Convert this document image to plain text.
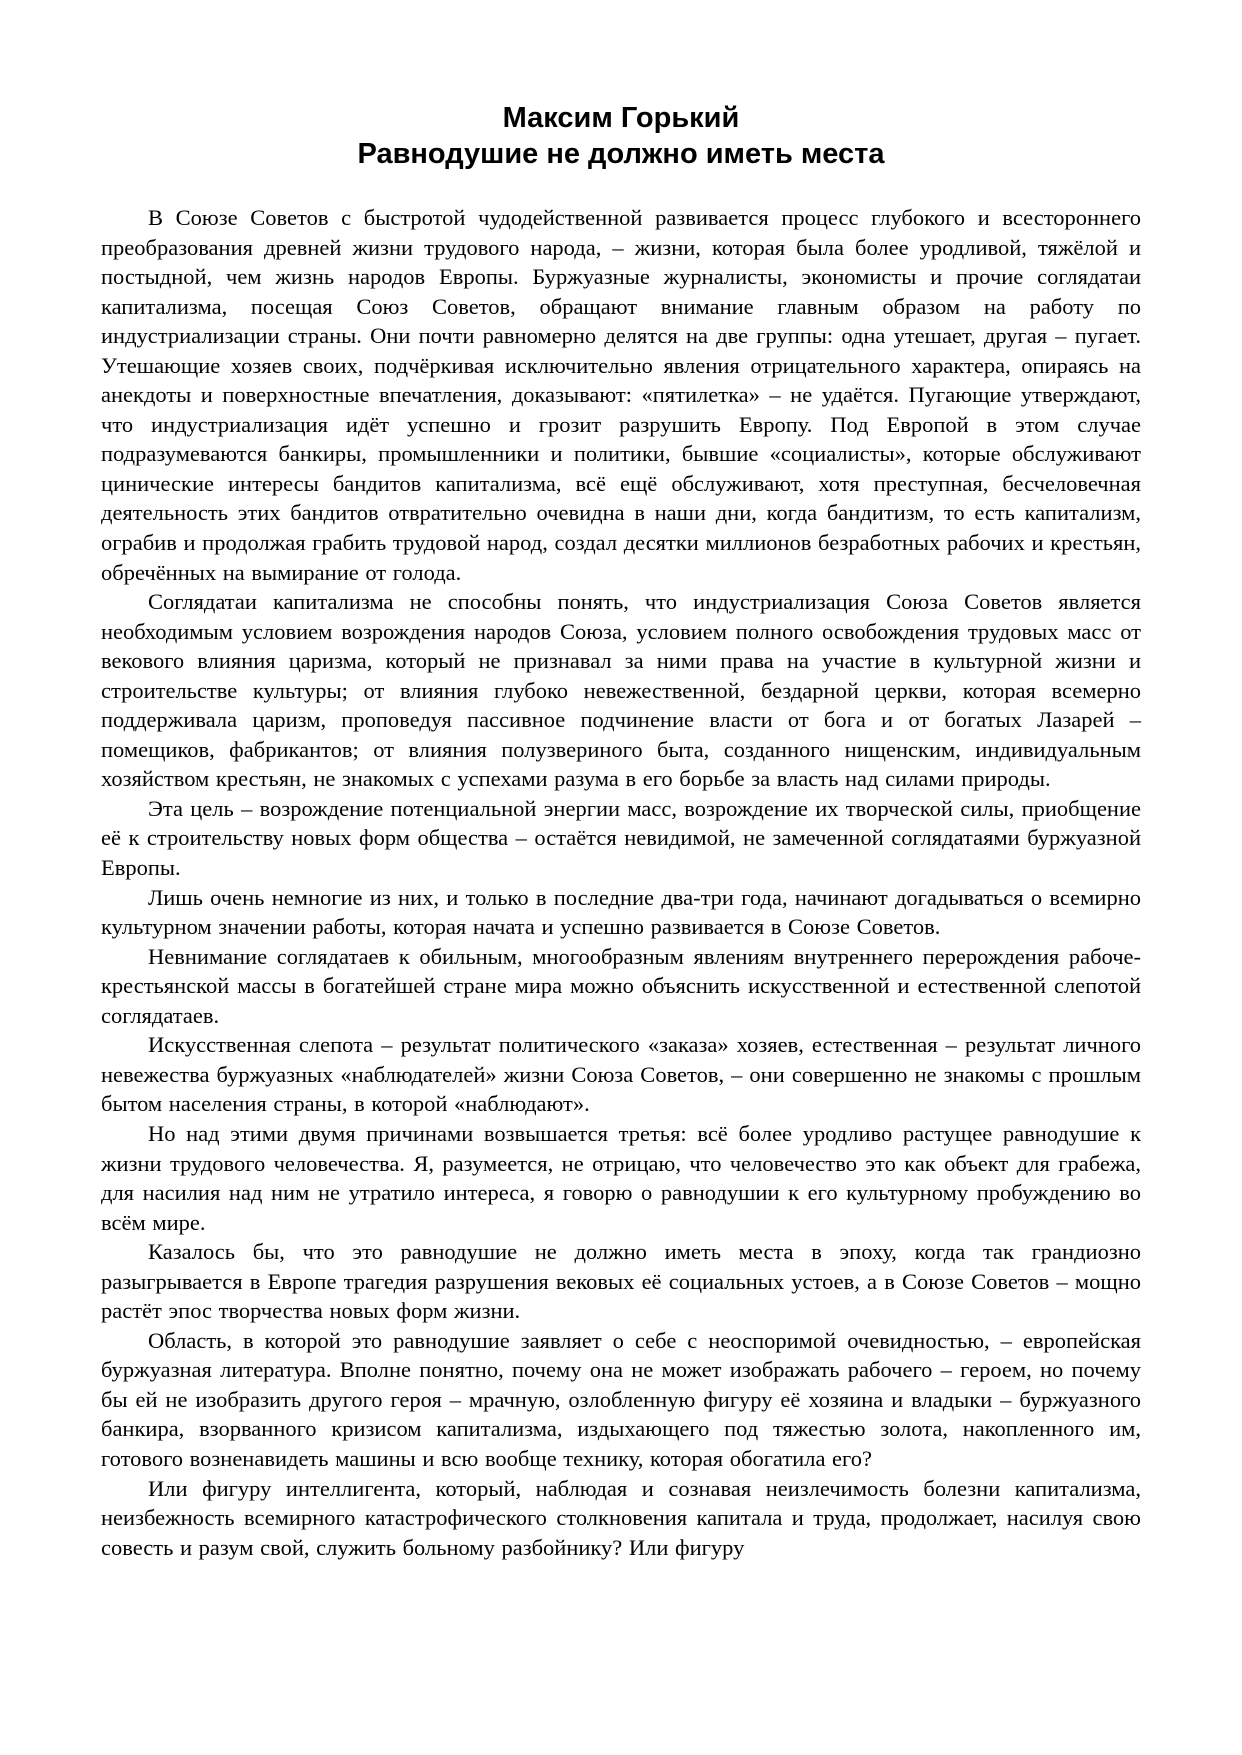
Максим Горький
Равнодушие не должно иметь места

В Союзе Советов с быстротой чудодейственной развивается процесс глубокого и всестороннего преобразования древней жизни трудового народа, – жизни, которая была более уродливой, тяжёлой и постыдной, чем жизнь народов Европы. Буржуазные журналисты, экономисты и прочие соглядатаи капитализма, посещая Союз Советов, обращают внимание главным образом на работу по индустриализации страны. Они почти равномерно делятся на две группы: одна утешает, другая – пугает. Утешающие хозяев своих, подчёркивая исключительно явления отрицательного характера, опираясь на анекдоты и поверхностные впечатления, доказывают: «пятилетка» – не удаётся. Пугающие утверждают, что индустриализация идёт успешно и грозит разрушить Европу. Под Европой в этом случае подразумеваются банкиры, промышленники и политики, бывшие «социалисты», которые обслуживают цинические интересы бандитов капитализма, всё ещё обслуживают, хотя преступная, бесчеловечная деятельность этих бандитов отвратительно очевидна в наши дни, когда бандитизм, то есть капитализм, ограбив и продолжая грабить трудовой народ, создал десятки миллионов безработных рабочих и крестьян, обречённых на вымирание от голода.

Соглядатаи капитализма не способны понять, что индустриализация Союза Советов является необходимым условием возрождения народов Союза, условием полного освобождения трудовых масс от векового влияния царизма, который не признавал за ними права на участие в культурной жизни и строительстве культуры; от влияния глубоко невежественной, бездарной церкви, которая всемерно поддерживала царизм, проповедуя пассивное подчинение власти от бога и от богатых Лазарей – помещиков, фабрикантов; от влияния полузвериного быта, созданного нищенским, индивидуальным хозяйством крестьян, не знакомых с успехами разума в его борьбе за власть над силами природы.

Эта цель – возрождение потенциальной энергии масс, возрождение их творческой силы, приобщение её к строительству новых форм общества – остаётся невидимой, не замеченной соглядатаями буржуазной Европы.

Лишь очень немногие из них, и только в последние два-три года, начинают догадываться о всемирно культурном значении работы, которая начата и успешно развивается в Союзе Советов.

Невнимание соглядатаев к обильным, многообразным явлениям внутреннего перерождения рабоче-крестьянской массы в богатейшей стране мира можно объяснить искусственной и естественной слепотой соглядатаев.

Искусственная слепота – результат политического «заказа» хозяев, естественная – результат личного невежества буржуазных «наблюдателей» жизни Союза Советов, – они совершенно не знакомы с прошлым бытом населения страны, в которой «наблюдают».

Но над этими двумя причинами возвышается третья: всё более уродливо растущее равнодушие к жизни трудового человечества. Я, разумеется, не отрицаю, что человечество это как объект для грабежа, для насилия над ним не утратило интереса, я говорю о равнодушии к его культурному пробуждению во всём мире.

Казалось бы, что это равнодушие не должно иметь места в эпоху, когда так грандиозно разыгрывается в Европе трагедия разрушения вековых её социальных устоев, а в Союзе Советов – мощно растёт эпос творчества новых форм жизни.

Область, в которой это равнодушие заявляет о себе с неоспоримой очевидностью, – европейская буржуазная литература. Вполне понятно, почему она не может изображать рабочего – героем, но почему бы ей не изобразить другого героя – мрачную, озлобленную фигуру её хозяина и владыки – буржуазного банкира, взорванного кризисом капитализма, издыхающего под тяжестью золота, накопленного им, готового возненавидеть машины и всю вообще технику, которая обогатила его?

Или фигуру интеллигента, который, наблюдая и сознавая неизлечимость болезни капитализма, неизбежность всемирного катастрофического столкновения капитала и труда, продолжает, насилуя свою совесть и разум свой, служить больному разбойнику? Или фигуру
